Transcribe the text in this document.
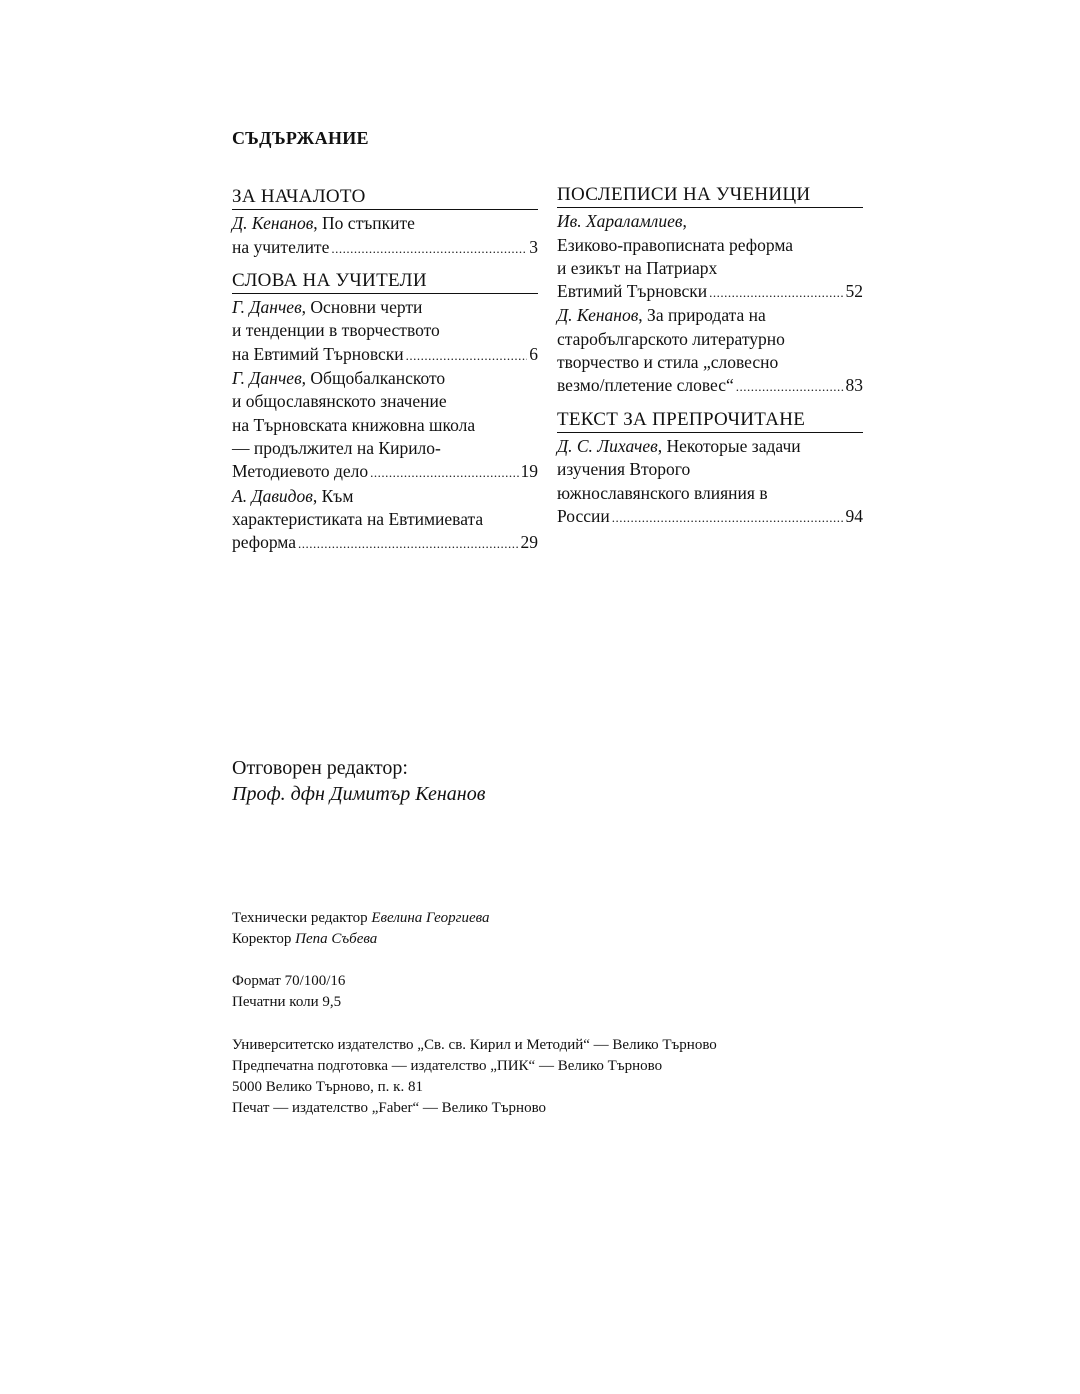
СЪДЪРЖАНИЕ
ЗА НАЧАЛОТО
Д. Кенанов, По стъпките
на учителите .....	3
СЛОВА НА УЧИТЕЛИ
Г. Данчев, Основни черти
и тенденции в творчеството
на Евтимий Търновски .....	6
Г. Данчев, Общобалканското
и общославянското значение
на Търновската книжовна школа
— продължител на Кирило-
Методиевото дело .....	19
А. Давидов, Към
характеристиката на Евтимиевата
реформа .....	29
ПОСЛЕПИСИ НА УЧЕНИЦИ
Ив. Хараламлиев,
Езиково-правописната реформа
и езикът на Патриарх
Евтимий Търновски .....	52
Д. Кенанов, За природата на
старобългарското литературно
творчество и стила „словесно
везмо/плетение словес“ .....	83
ТЕКСТ ЗА ПРЕПРОЧИТАНЕ
Д. С. Лихачев, Некоторые задачи
изучения Второго
южнославянского влияния в
России .....	94
Отговорен редактор:
Проф. дфн Димитър Кенанов
Технически редактор Евелина Георгиева
Коректор Пепа Събева
Формат 70/100/16
Печатни коли 9,5
Университетско издателство „Св. св. Кирил и Методий“ — Велико Търново
Предпечатна подготовка — издателство „ПИК“ — Велико Търново
5000 Велико Търново, п. к. 81
Печат — издателство „Faber“ — Велико Търново
